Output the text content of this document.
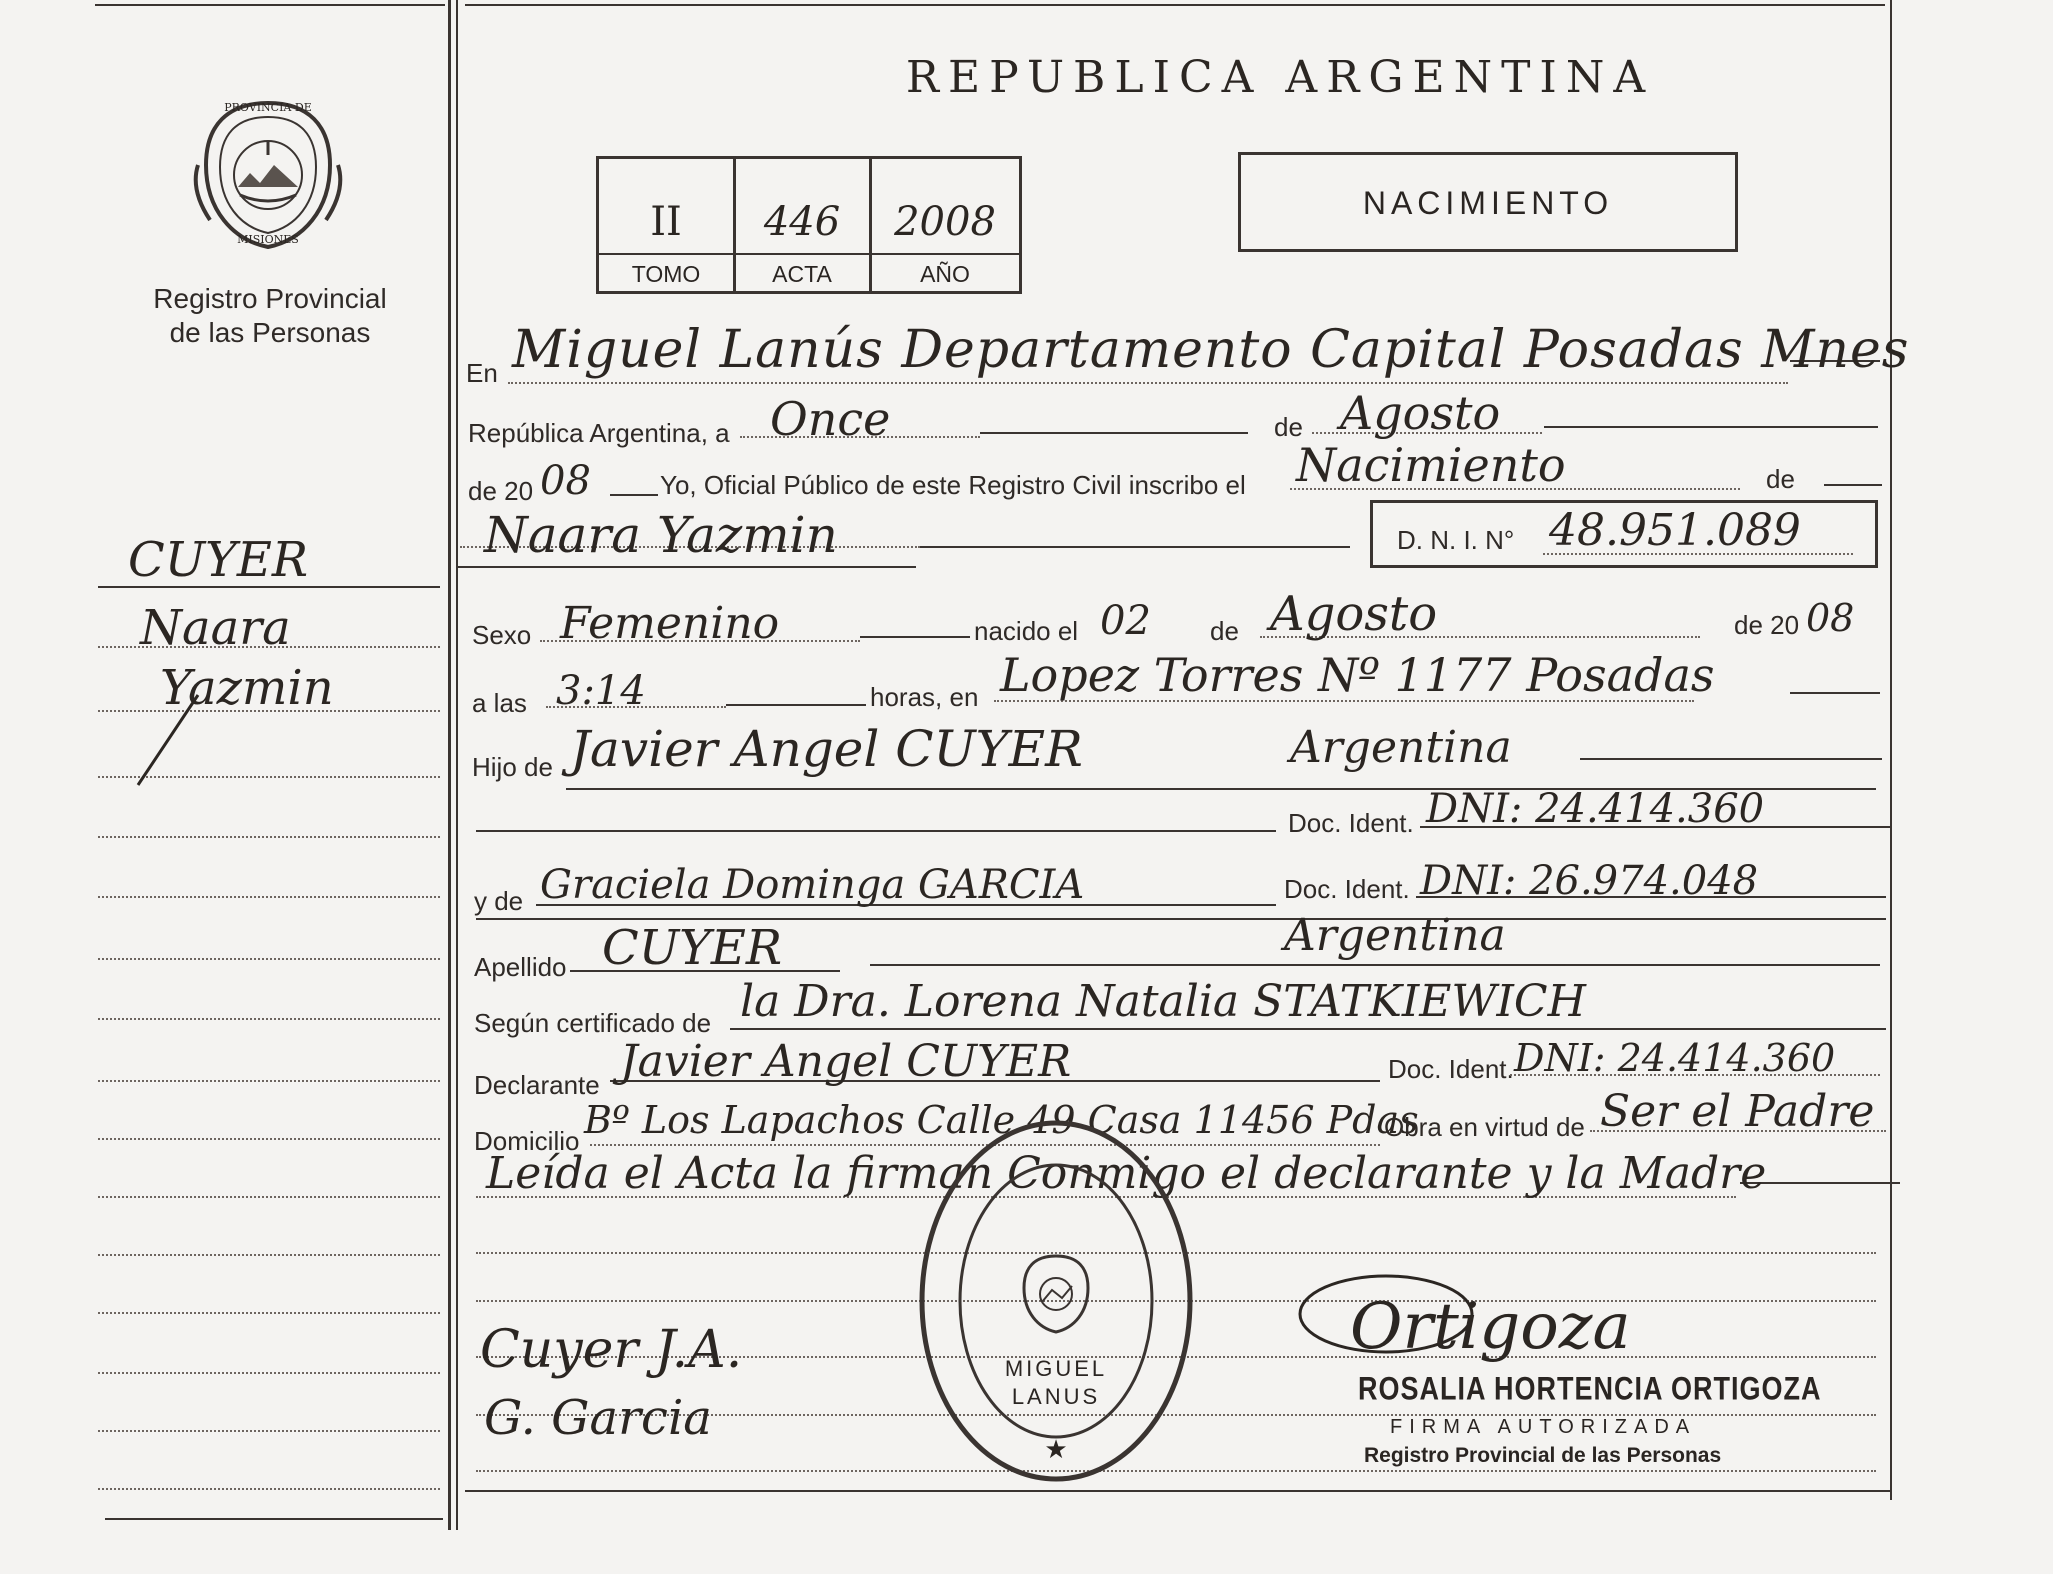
PROVINCIA DE
MISIONES
Registro Provincial
de las Personas
CUYER
Naara
Yazmin
REPUBLICA ARGENTINA
II	446	2008
TOMO	ACTA	AÑO
NACIMIENTO
En Miguel Lanús Departamento Capital Posadas Mnes
República Argentina, a	de
Once	Agosto
de 20 08	Yo, Oficial Público de este Registro Civil inscribo el Nacimiento	de
Naara Yazmin	D. N. I. N° 48.951.089
Sexo Femenino	nacido el 02 de Agosto	de 20 08
a las 3:14	horas, en Lopez Torres Nº 1177 Posadas
Hijo de Javier Angel CUYER	Argentina
Doc. Ident. DNI: 24.414.360
y de Graciela Dominga GARCIA	Doc. Ident. DNI: 26.974.048
Apellido CUYER	Argentina
Según certificado de la Dra. Lorena Natalia STATKIEWICH
Declarante Javier Angel CUYER	Doc. Ident. DNI: 24.414.360
Domicilio Bº Los Lapachos Calle 49 Casa 11456 Pdas
Obra en virtud de Ser el Padre
Leída el Acta la firman Conmigo el declarante y la Madre
Cuyer J.A.
G. Garcia
Ortigoza
ROSALIA HORTENCIA ORTIGOZA
FIRMA AUTORIZADA
Registro Provincial de las Personas
MIGUEL
LANUS
★
